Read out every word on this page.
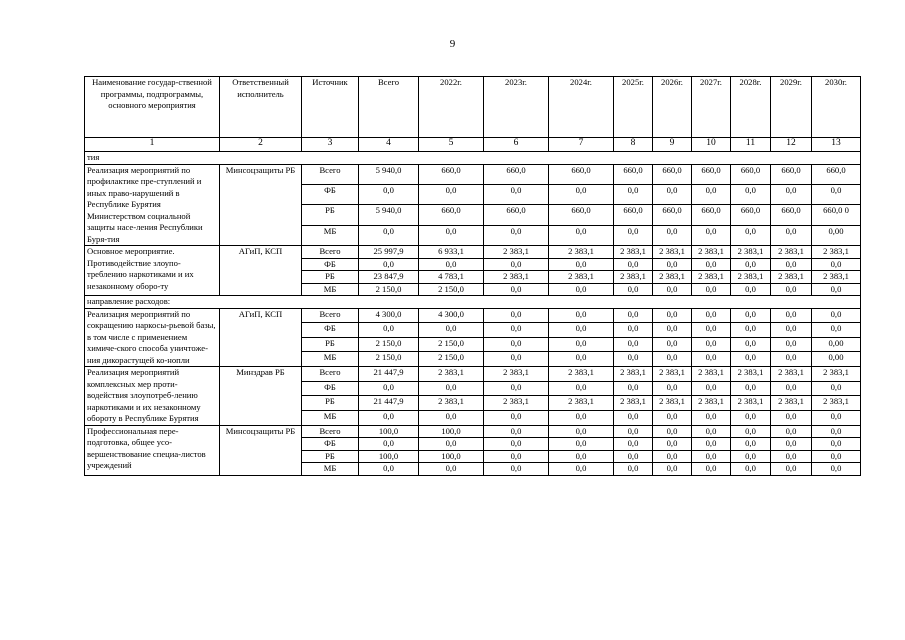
9
Наименование государ-ственной программы, подпрограммы, основного мероприятия	Ответственный исполнитель	Источник	Всего	2022г.	2023г.	2024г.	2025г.	2026г.	2027г.	2028г.	2029г.	2030г.
1	2	3	4	5	6	7	8	9	10	11	12	13
тия												
Реализация мероприятий по профилактике пре-ступлений и иных право-нарушений в Республике Бурятия Министерством социальной защиты насе-ления Республики Буря-тия	Минсоцзащиты РБ	Всего	5 940,0	660,0	660,0	660,0	660,0	660,0	660,0	660,0	660,0	660,0
		ФБ	0,0	0,0	0,0	0,0	0,0	0,0	0,0	0,0	0,0	0,0
		РБ	5 940,0	660,0	660,0	660,0	660,0	660,0	660,0	660,0	660,0	660,0 0
		МБ	0,0	0,0	0,0	0,0	0,0	0,0	0,0	0,0	0,0	0,00
Основное мероприятие. Противодействие злоупо-треблению наркотиками и их незаконному оборо-ту	АГиП, КСП	Всего	25 997,9	6 933,1	2 383,1	2 383,1	2 383,1	2 383,1	2 383,1	2 383,1	2 383,1	2 383,1
		ФБ	0,0	0,0	0,0	0,0	0,0	0,0	0,0	0,0	0,0	0,0
		РБ	23 847,9	4 783,1	2 383,1	2 383,1	2 383,1	2 383,1	2 383,1	2 383,1	2 383,1	2 383,1
		МБ	2 150,0	2 150,0	0,0	0,0	0,0	0,0	0,0	0,0	0,0	0,0
направление расходов:												
Реализация мероприятий по сокращению наркосы-рьевой базы, в том числе с применением химиче-ского способа уничтоже-ния дикорастущей ко-нопли	АГиП, КСП	Всего	4 300,0	4 300,0	0,0	0,0	0,0	0,0	0,0	0,0	0,0	0,0
		ФБ	0,0	0,0	0,0	0,0	0,0	0,0	0,0	0,0	0,0	0,0
		РБ	2 150,0	2 150,0	0,0	0,0	0,0	0,0	0,0	0,0	0,0	0,00
		МБ	2 150,0	2 150,0	0,0	0,0	0,0	0,0	0,0	0,0	0,0	0,00
Реализация мероприятий комплексных мер проти-водействия злоупотреб-лению наркотиками и их незаконному обороту в Республике Бурятия	Минздрав РБ	Всего	21 447,9	2 383,1	2 383,1	2 383,1	2 383,1	2 383,1	2 383,1	2 383,1	2 383,1	2 383,1
		ФБ	0,0	0,0	0,0	0,0	0,0	0,0	0,0	0,0	0,0	0,0
		РБ	21 447,9	2 383,1	2 383,1	2 383,1	2 383,1	2 383,1	2 383,1	2 383,1	2 383,1	2 383,1
		МБ	0,0	0,0	0,0	0,0	0,0	0,0	0,0	0,0	0,0	0,0
Профессиональная пере-подготовка, общее усо-вершенствование специа-листов учреждений	Минсоцзащиты РБ	Всего	100,0	100,0	0,0	0,0	0,0	0,0	0,0	0,0	0,0	0,0
		ФБ	0,0	0,0	0,0	0,0	0,0	0,0	0,0	0,0	0,0	0,0
		РБ	100,0	100,0	0,0	0,0	0,0	0,0	0,0	0,0	0,0	0,0
		МБ	0,0	0,0	0,0	0,0	0,0	0,0	0,0	0,0	0,0	0,0
